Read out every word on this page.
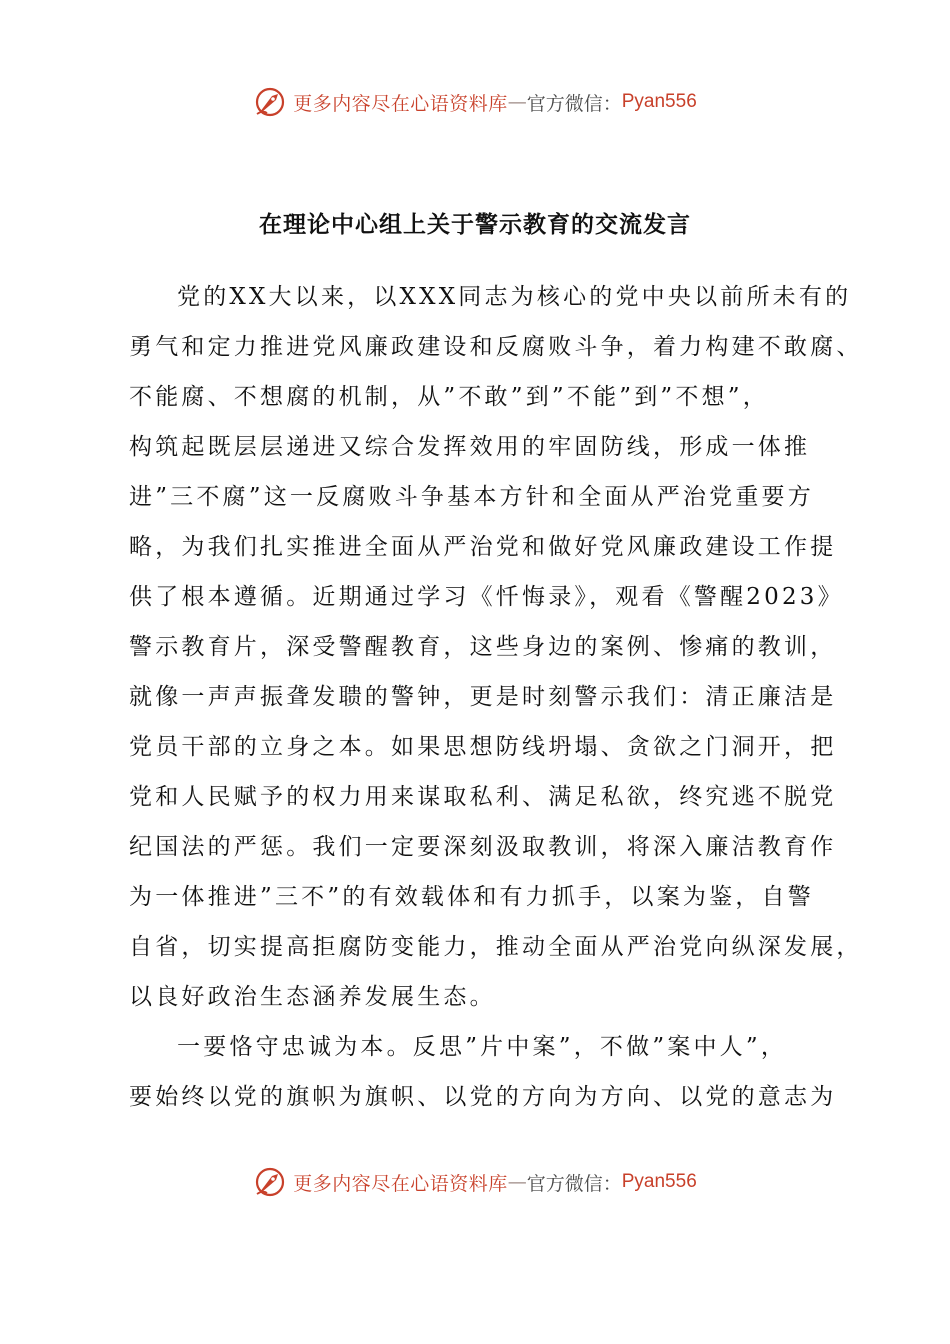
更多内容尽在心语资料库 — 官方微信： Pyan556
在理论中心组上关于警示教育的交流发言

党的XX大以来，以XXX同志为核心的党中央以前所未有的
勇气和定力推进党风廉政建设和反腐败斗争，着力构建不敢腐、
不能腐、不想腐的机制，从”不敢”到”不能”到”不想”，
构筑起既层层递进又综合发挥效用的牢固防线，形成一体推
进”三不腐”这一反腐败斗争基本方针和全面从严治党重要方
略，为我们扎实推进全面从严治党和做好党风廉政建设工作提
供了根本遵循。近期通过学习《忏悔录》，观看《警醒2023》
警示教育片，深受警醒教育，这些身边的案例、惨痛的教训，
就像一声声振聋发聩的警钟，更是时刻警示我们：清正廉洁是
党员干部的立身之本。如果思想防线坍塌、贪欲之门洞开，把
党和人民赋予的权力用来谋取私利、满足私欲，终究逃不脱党
纪国法的严惩。我们一定要深刻汲取教训，将深入廉洁教育作
为一体推进”三不”的有效载体和有力抓手，以案为鉴，自警
自省，切实提高拒腐防变能力，推动全面从严治党向纵深发展，
以良好政治生态涵养发展生态。

一要恪守忠诚为本。反思”片中案”，不做”案中人”，
要始终以党的旗帜为旗帜、以党的方向为方向、以党的意志为

更多内容尽在心语资料库 — 官方微信： Pyan556
